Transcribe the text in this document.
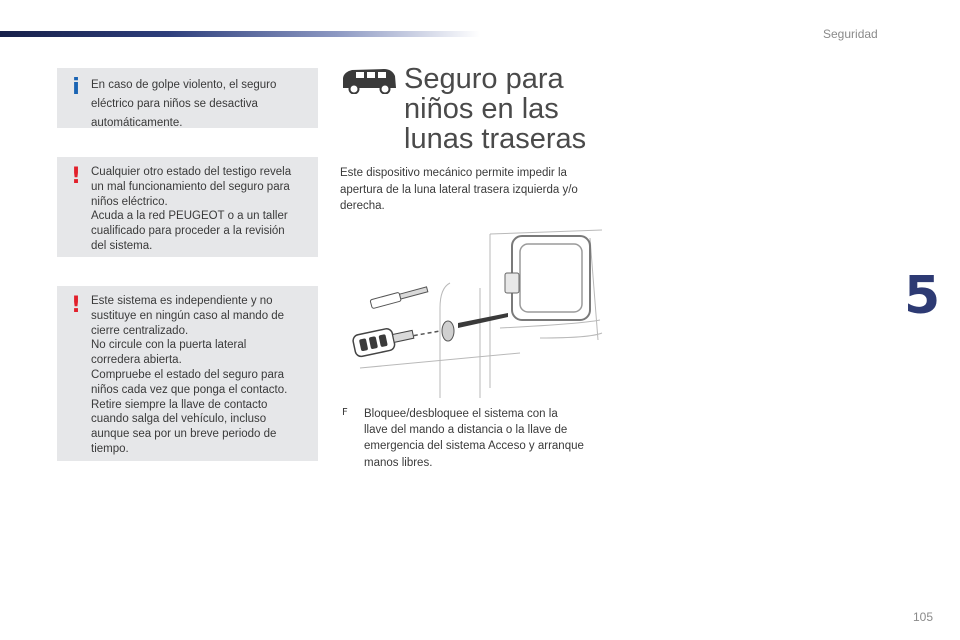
Seguridad
5
105
i En caso de golpe violento, el seguro
eléctrico para niños se desactiva
automáticamente.

! Cualquier otro estado del testigo revela
un mal funcionamiento del seguro para
niños eléctrico.
Acuda a la red PEUGEOT o a un taller
cualificado para proceder a la revisión
del sistema.

! Este sistema es independiente y no
sustituye en ningún caso al mando de
cierre centralizado.
No circule con la puerta lateral
corredera abierta.
Compruebe el estado del seguro para
niños cada vez que ponga el contacto.
Retire siempre la llave de contacto
cuando salga del vehículo, incluso
aunque sea por un breve periodo de
tiempo.

Seguro para
niños en las
lunas traseras

Este dispositivo mecánico permite impedir la
apertura de la luna lateral trasera izquierda y/o
derecha.

F Bloquee/desbloquee el sistema con la
llave del mando a distancia o la llave de
emergencia del sistema Acceso y arranque
manos libres.
